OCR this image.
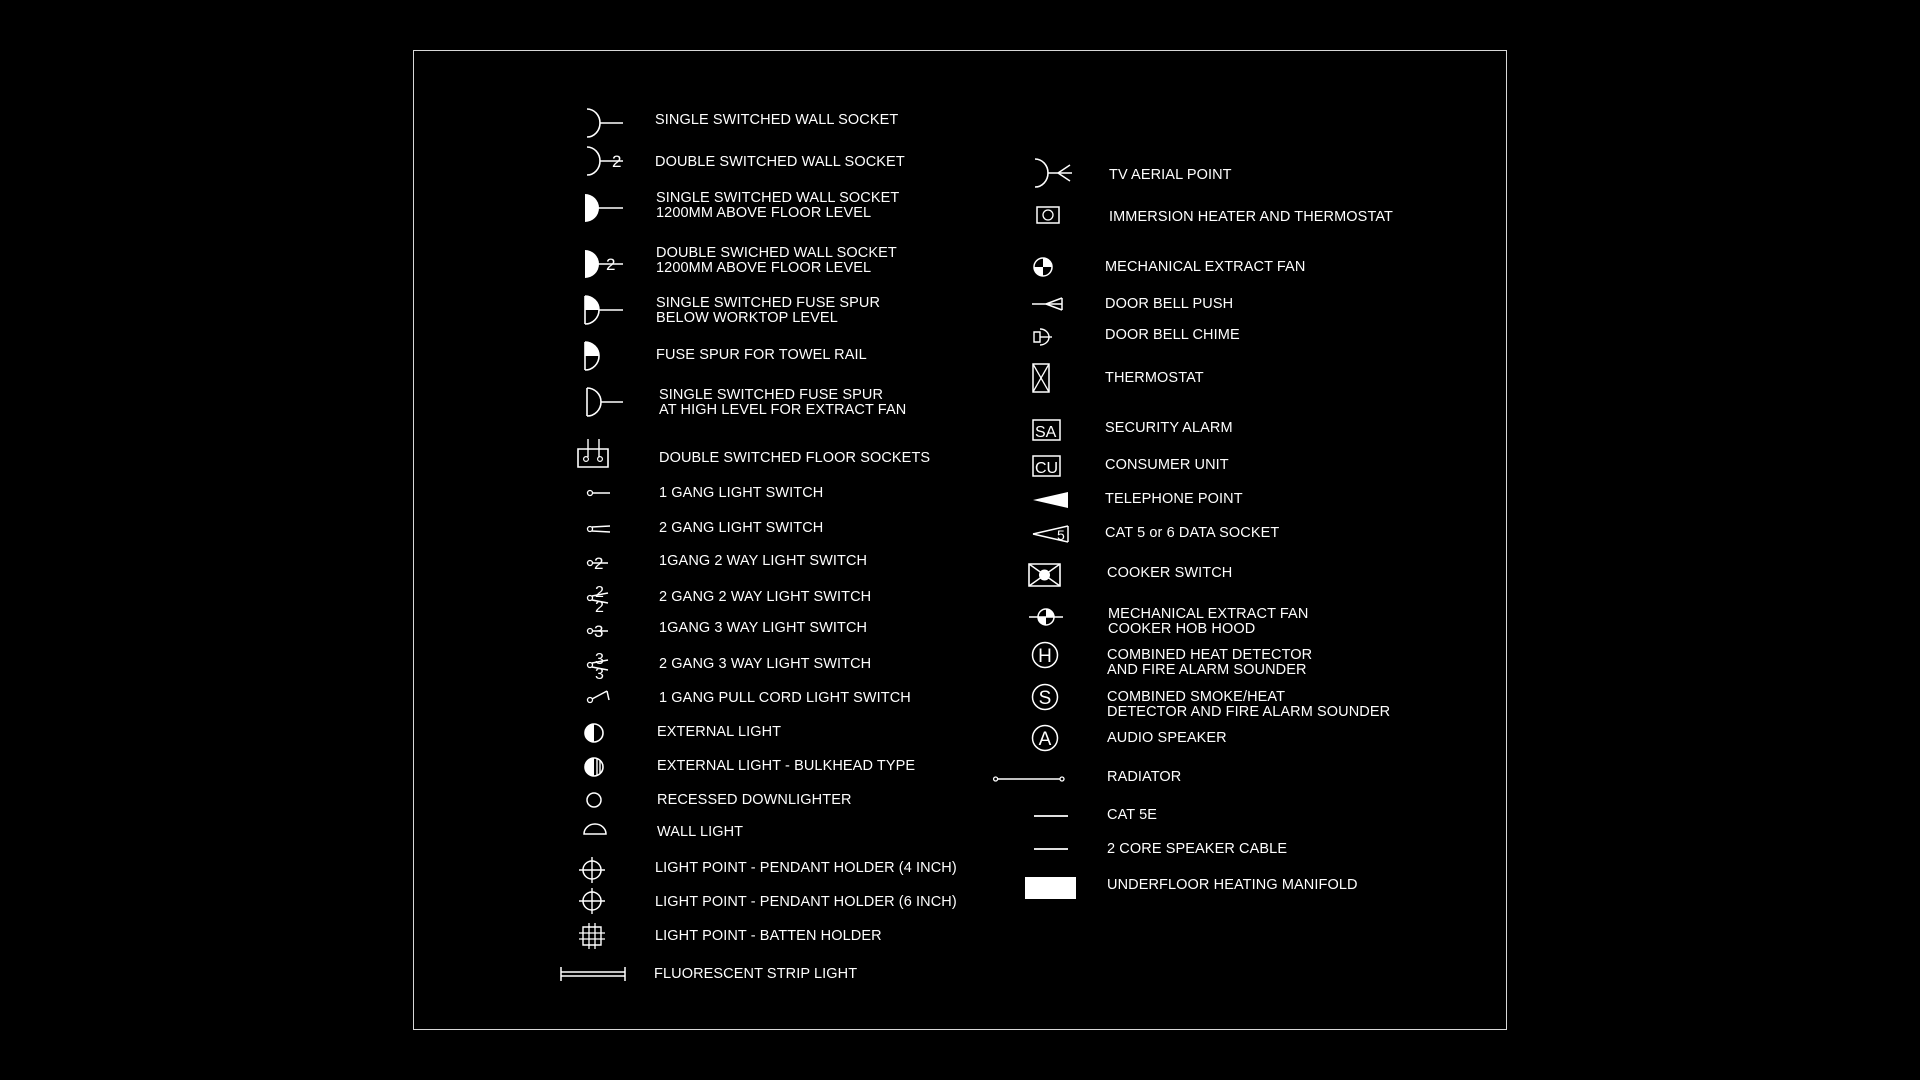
SINGLE SWITCHED WALL SOCKET
2 DOUBLE SWITCHED WALL SOCKET
SINGLE SWITCHED WALL SOCKET
1200MM ABOVE FLOOR LEVEL
2
DOUBLE SWICHED WALL SOCKET
1200MM ABOVE FLOOR LEVEL
SINGLE SWITCHED FUSE SPUR
BELOW WORKTOP LEVEL
FUSE SPUR FOR TOWEL RAIL
SINGLE SWITCHED FUSE SPUR
AT HIGH LEVEL FOR EXTRACT FAN
DOUBLE SWITCHED FLOOR SOCKETS
1 GANG LIGHT SWITCH
2 GANG LIGHT SWITCH
2	1GANG 2 WAY LIGHT SWITCH
2
2
2 GANG 2 WAY LIGHT SWITCH
3	1GANG 3 WAY LIGHT SWITCH
3
3
2 GANG 3 WAY LIGHT SWITCH
1 GANG PULL CORD LIGHT SWITCH
EXTERNAL LIGHT
EXTERNAL LIGHT - BULKHEAD TYPE
RECESSED DOWNLIGHTER
WALL LIGHT
LIGHT POINT - PENDANT HOLDER (4 INCH)
LIGHT POINT - PENDANT HOLDER (6 INCH)
LIGHT POINT - BATTEN HOLDER
FLUORESCENT STRIP LIGHT
TV AERIAL POINT
IMMERSION HEATER AND THERMOSTAT
MECHANICAL EXTRACT FAN
DOOR BELL PUSH
DOOR BELL CHIME
THERMOSTAT
SA	SECURITY ALARM
CU	CONSUMER UNIT
TELEPHONE POINT
5	CAT 5 or 6 DATA SOCKET
COOKER SWITCH
MECHANICAL EXTRACT FAN
COOKER HOB HOOD
H	COMBINED HEAT DETECTOR
AND FIRE ALARM SOUNDER
S	COMBINED SMOKE/HEAT
DETECTOR AND FIRE ALARM SOUNDER
A	AUDIO SPEAKER
RADIATOR
CAT 5E
2 CORE SPEAKER CABLE
UNDERFLOOR HEATING MANIFOLD
